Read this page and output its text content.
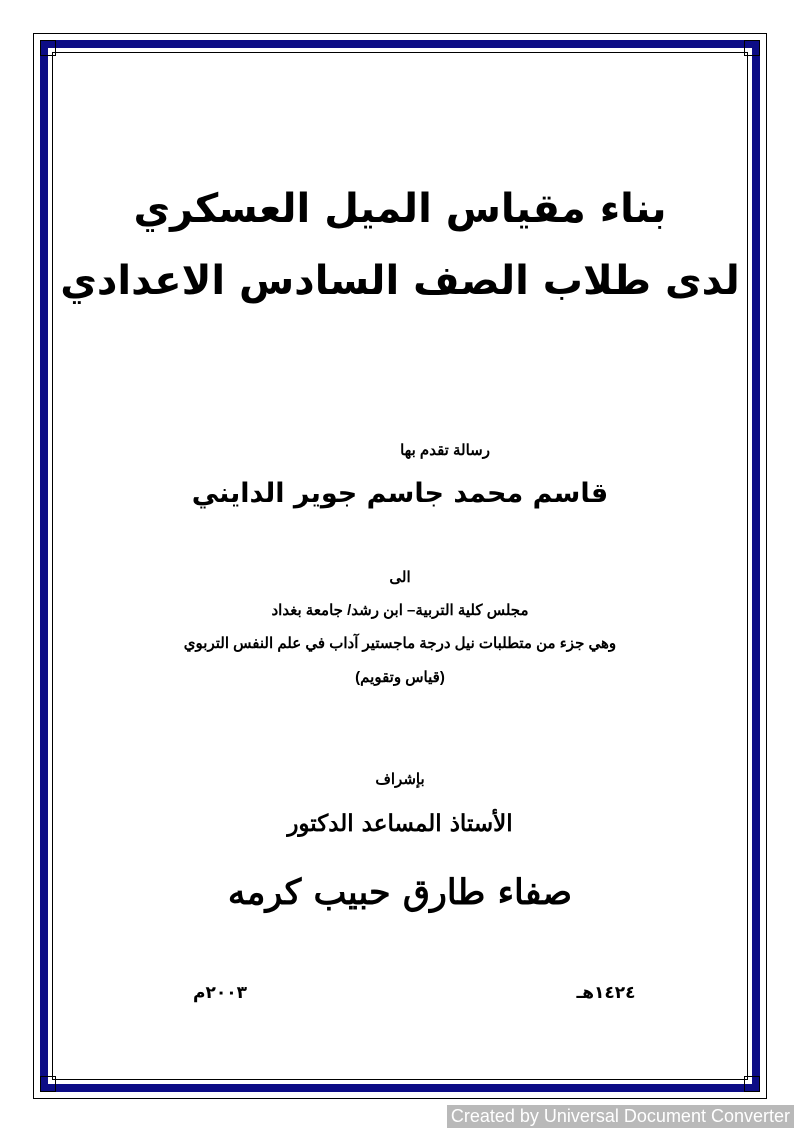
بناء مقياس الميل العسكري
لدى طلاب الصف السادس الاعدادي
رسالة تقدم بها
قاسم محمد جاسم جوير الدايني
الى
مجلس كلية التربية– ابن رشد/ جامعة بغداد
وهي جزء من متطلبات نيل درجة ماجستير آداب في علم النفس التربوي
(قياس وتقويم)
بإشراف
الأستاذ المساعد الدكتور
صفاء طارق حبيب كرمه
١٤٢٤هـ
٢٠٠٣م
Created by Universal Document Converter
